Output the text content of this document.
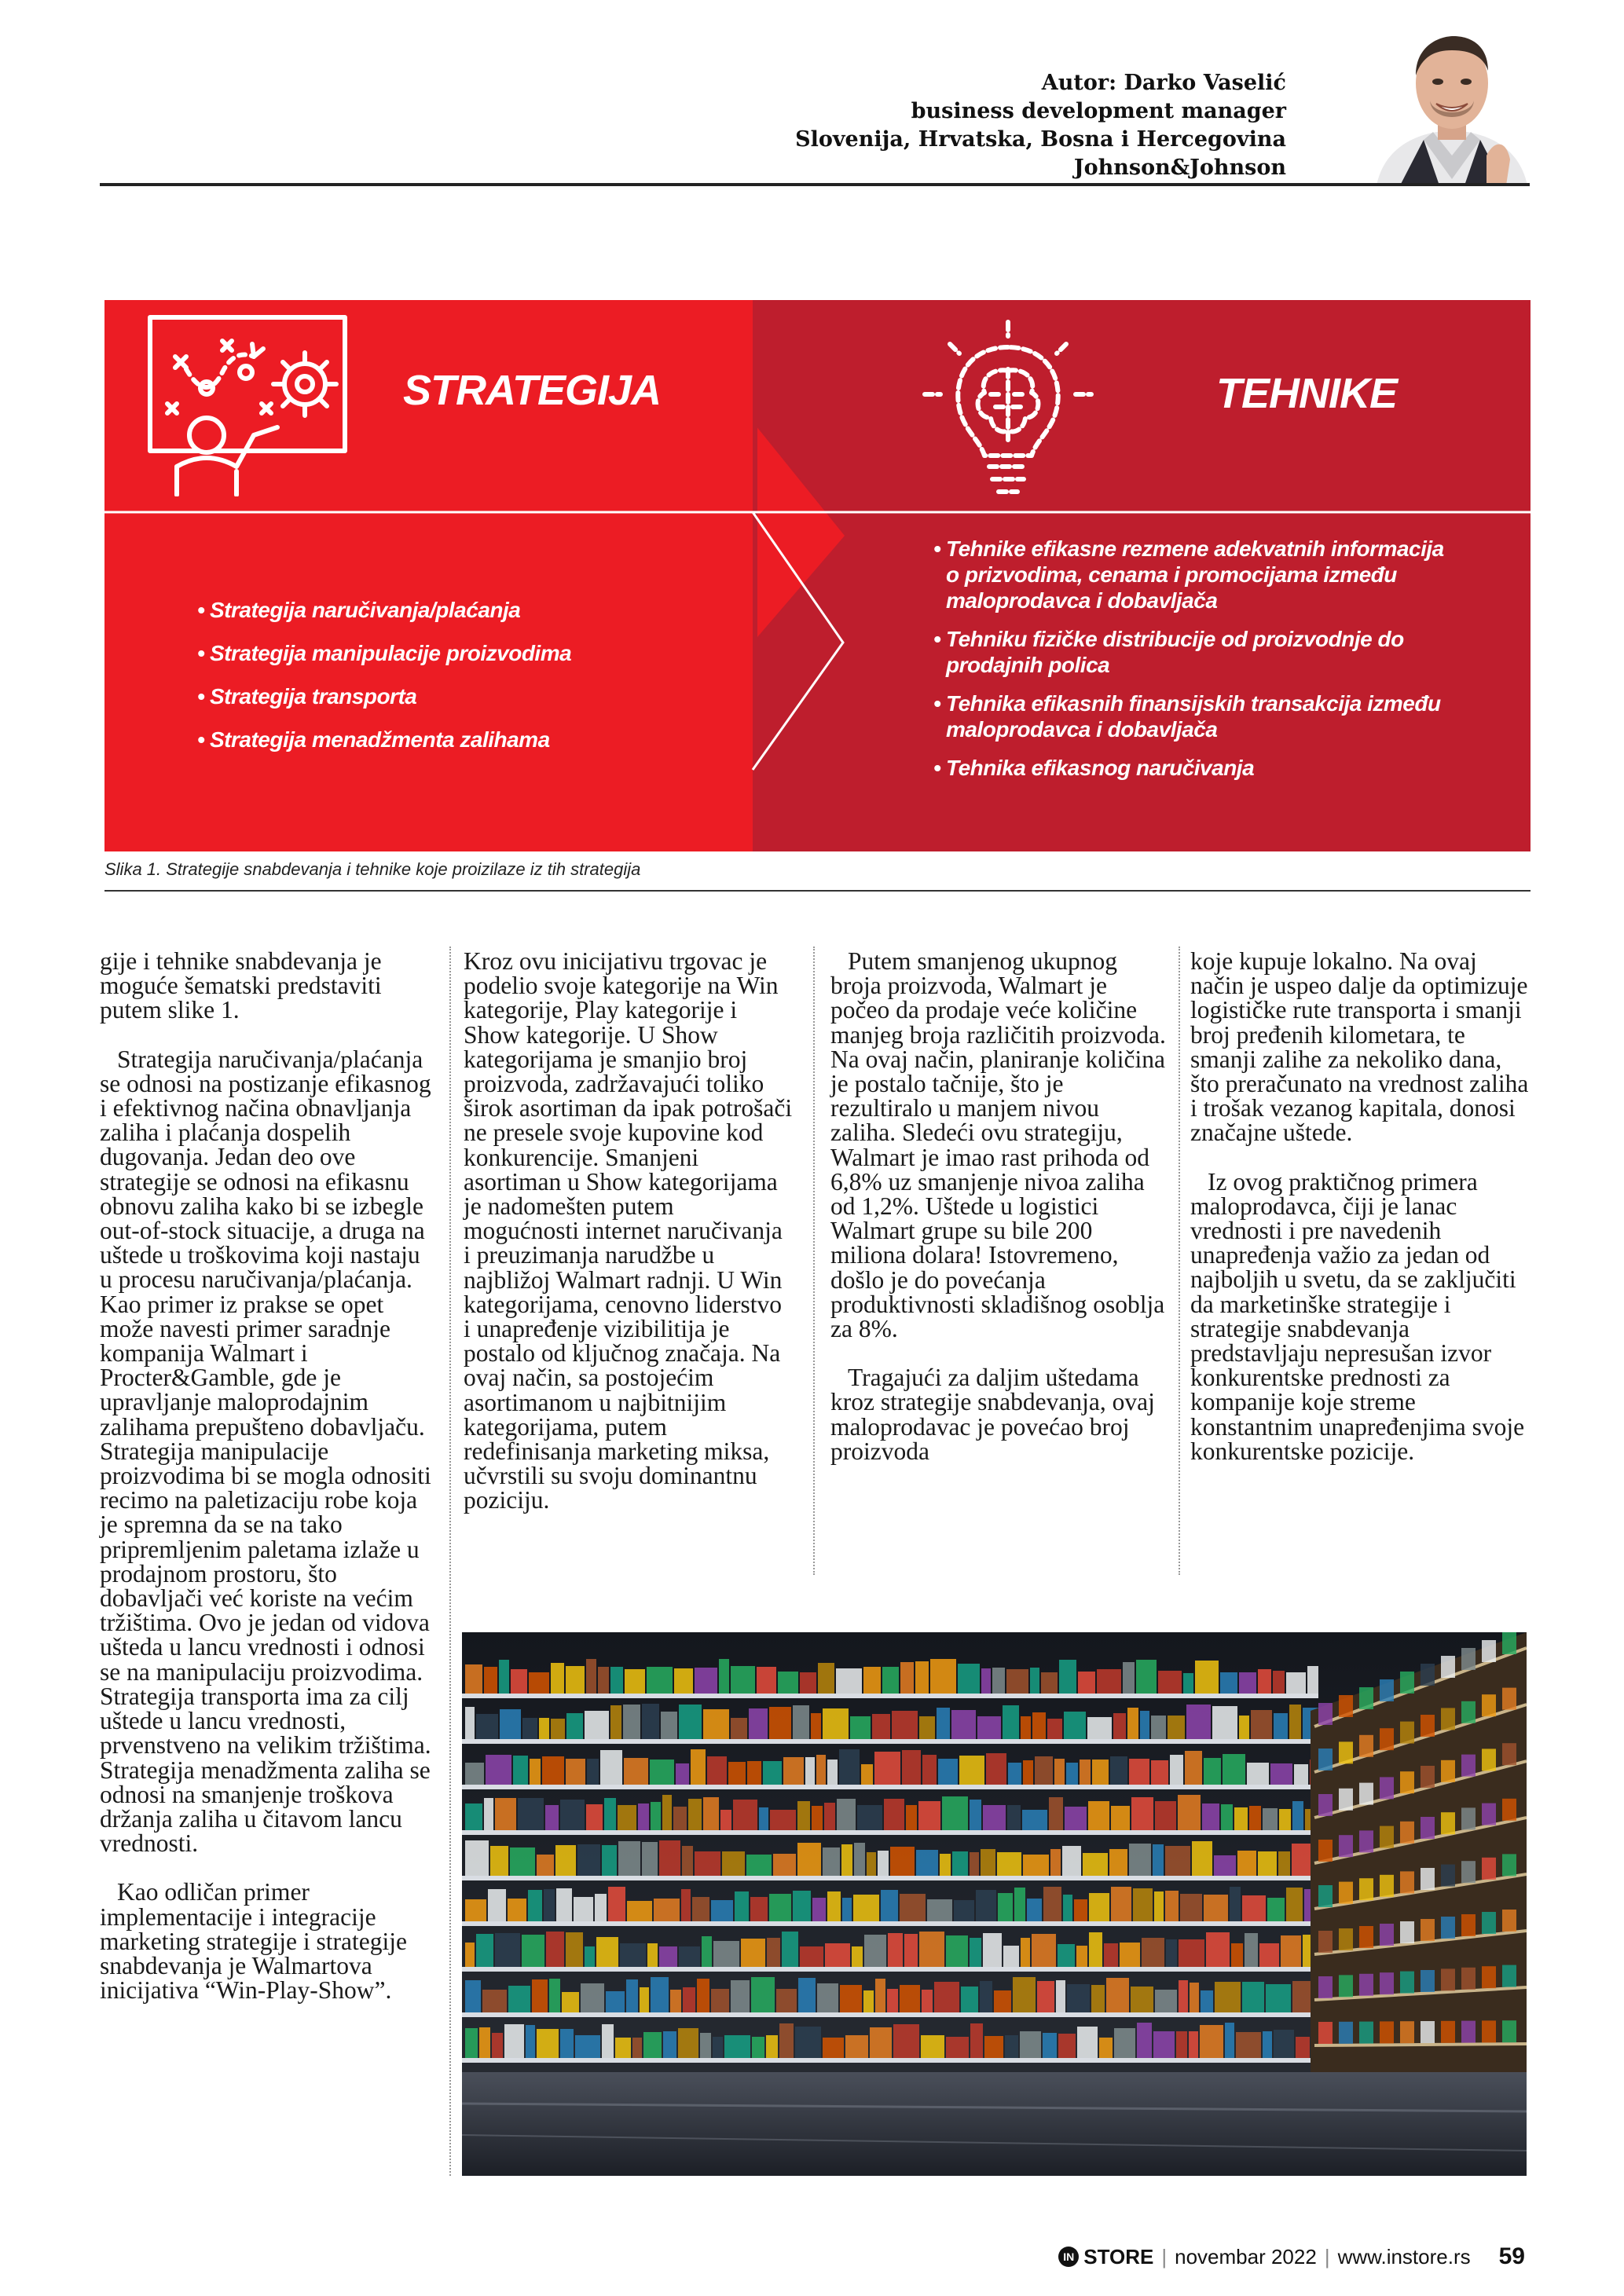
Autor: Darko Vaselić
business development manager
Slovenija, Hrvatska, Bosna i Hercegovina
Johnson&Johnson
STRATEGIJA	TEHNIKE
• Strategija naručivanja/plaćanja
• Strategija manipulacije proizvodima
• Strategija transporta
• Strategija menadžmenta zalihama
• Tehnike efikasne rezmene adekvatnih informacija o prizvodima, cenama i promocijama između maloprodavca i dobavljača
• Tehniku fizičke distribucije od proizvodnje do prodajnih polica
• Tehnika efikasnih finansijskih transakcija između maloprodavca i dobavljača
• Tehnika efikasnog naručivanja
Slika 1. Strategije snabdevanja i tehnike koje proizilaze iz tih strategija

gije i tehnike snabdevanja je moguće šematski predstaviti putem slike 1.

Strategija naručivanja/plaćanja se odnosi na postizanje efikasnog i efektivnog načina obnavljanja zaliha i plaćanja dospelih dugovanja. Jedan deo ove strategije se odnosi na efikasnu obnovu zaliha kako bi se izbegle out-of-stock situacije, a druga na uštede u troškovima koji nastaju u procesu naručivanja/plaćanja. Kao primer iz prakse se opet može navesti primer saradnje kompanija Walmart i Procter&Gamble, gde je upravljanje maloprodajnim zalihama prepušteno dobavljaču. Strategija manipulacije proizvodima bi se mogla odnositi recimo na paletizaciju robe koja je spremna da se na tako pripremljenim paletama izlaže u prodajnom prostoru, što dobavljači već koriste na većim tržištima. Ovo je jedan od vidova ušteda u lancu vrednosti i odnosi se na manipulaciju proizvodima. Strategija transporta ima za cilj uštede u lancu vrednosti, prvenstveno na velikim tržištima. Strategija menadžmenta zaliha se odnosi na smanjenje troškova držanja zaliha u čitavom lancu vrednosti.

Kao odličan primer implementacije i integracije marketing strategije i strategije snabdevanja je Walmartova inicijativa “Win-Play-Show”.

Kroz ovu inicijativu trgovac je podelio svoje kategorije na Win kategorije, Play kategorije i Show kategorije. U Show kategorijama je smanjio broj proizvoda, zadržavajući toliko širok asortiman da ipak potrošači ne presele svoje kupovine kod konkurencije. Smanjeni asortiman u Show kategorijama je nadomešten putem mogućnosti internet naručivanja i preuzimanja narudžbe u najbližoj Walmart radnji. U Win kategorijama, cenovno liderstvo i unapređenje vizibilitija je postalo od ključnog značaja. Na ovaj način, sa postojećim asortimanom u najbitnijim kategorijama, putem redefinisanja marketing miksa, učvrstili su svoju dominantnu poziciju.

Putem smanjenog ukupnog broja proizvoda, Walmart je počeo da prodaje veće količine manjeg broja različitih proizvoda. Na ovaj način, planiranje količina je postalo tačnije, što je rezultiralo u manjem nivou zaliha. Sledeći ovu strategiju, Walmart je imao rast prihoda od 6,8% uz smanjenje nivoa zaliha od 1,2%. Uštede u logistici Walmart grupe su bile 200 miliona dolara! Istovremeno, došlo je do povećanja produktivnosti skladišnog osoblja za 8%.

Tragajući za daljim uštedama kroz strategije snabdevanja, ovaj maloprodavac je povećao broj proizvoda

koje kupuje lokalno. Na ovaj način je uspeo dalje da optimizuje logističke rute transporta i smanji broj pređenih kilometara, te smanji zalihe za nekoliko dana, što preračunato na vrednost zaliha i trošak vezanog kapitala, donosi značajne uštede.

Iz ovog praktičnog primera maloprodavca, čiji je lanac vrednosti i pre navedenih unapređenja važio za jedan od najboljih u svetu, da se zaključiti da marketinške strategije i strategije snabdevanja predstavljaju nepresušan izvor konkurentske prednosti za kompanije koje streme konstantnim unapređenjima svoje konkurentske pozicije.

IN STORE | novembar 2022 | www.instore.rs 59
